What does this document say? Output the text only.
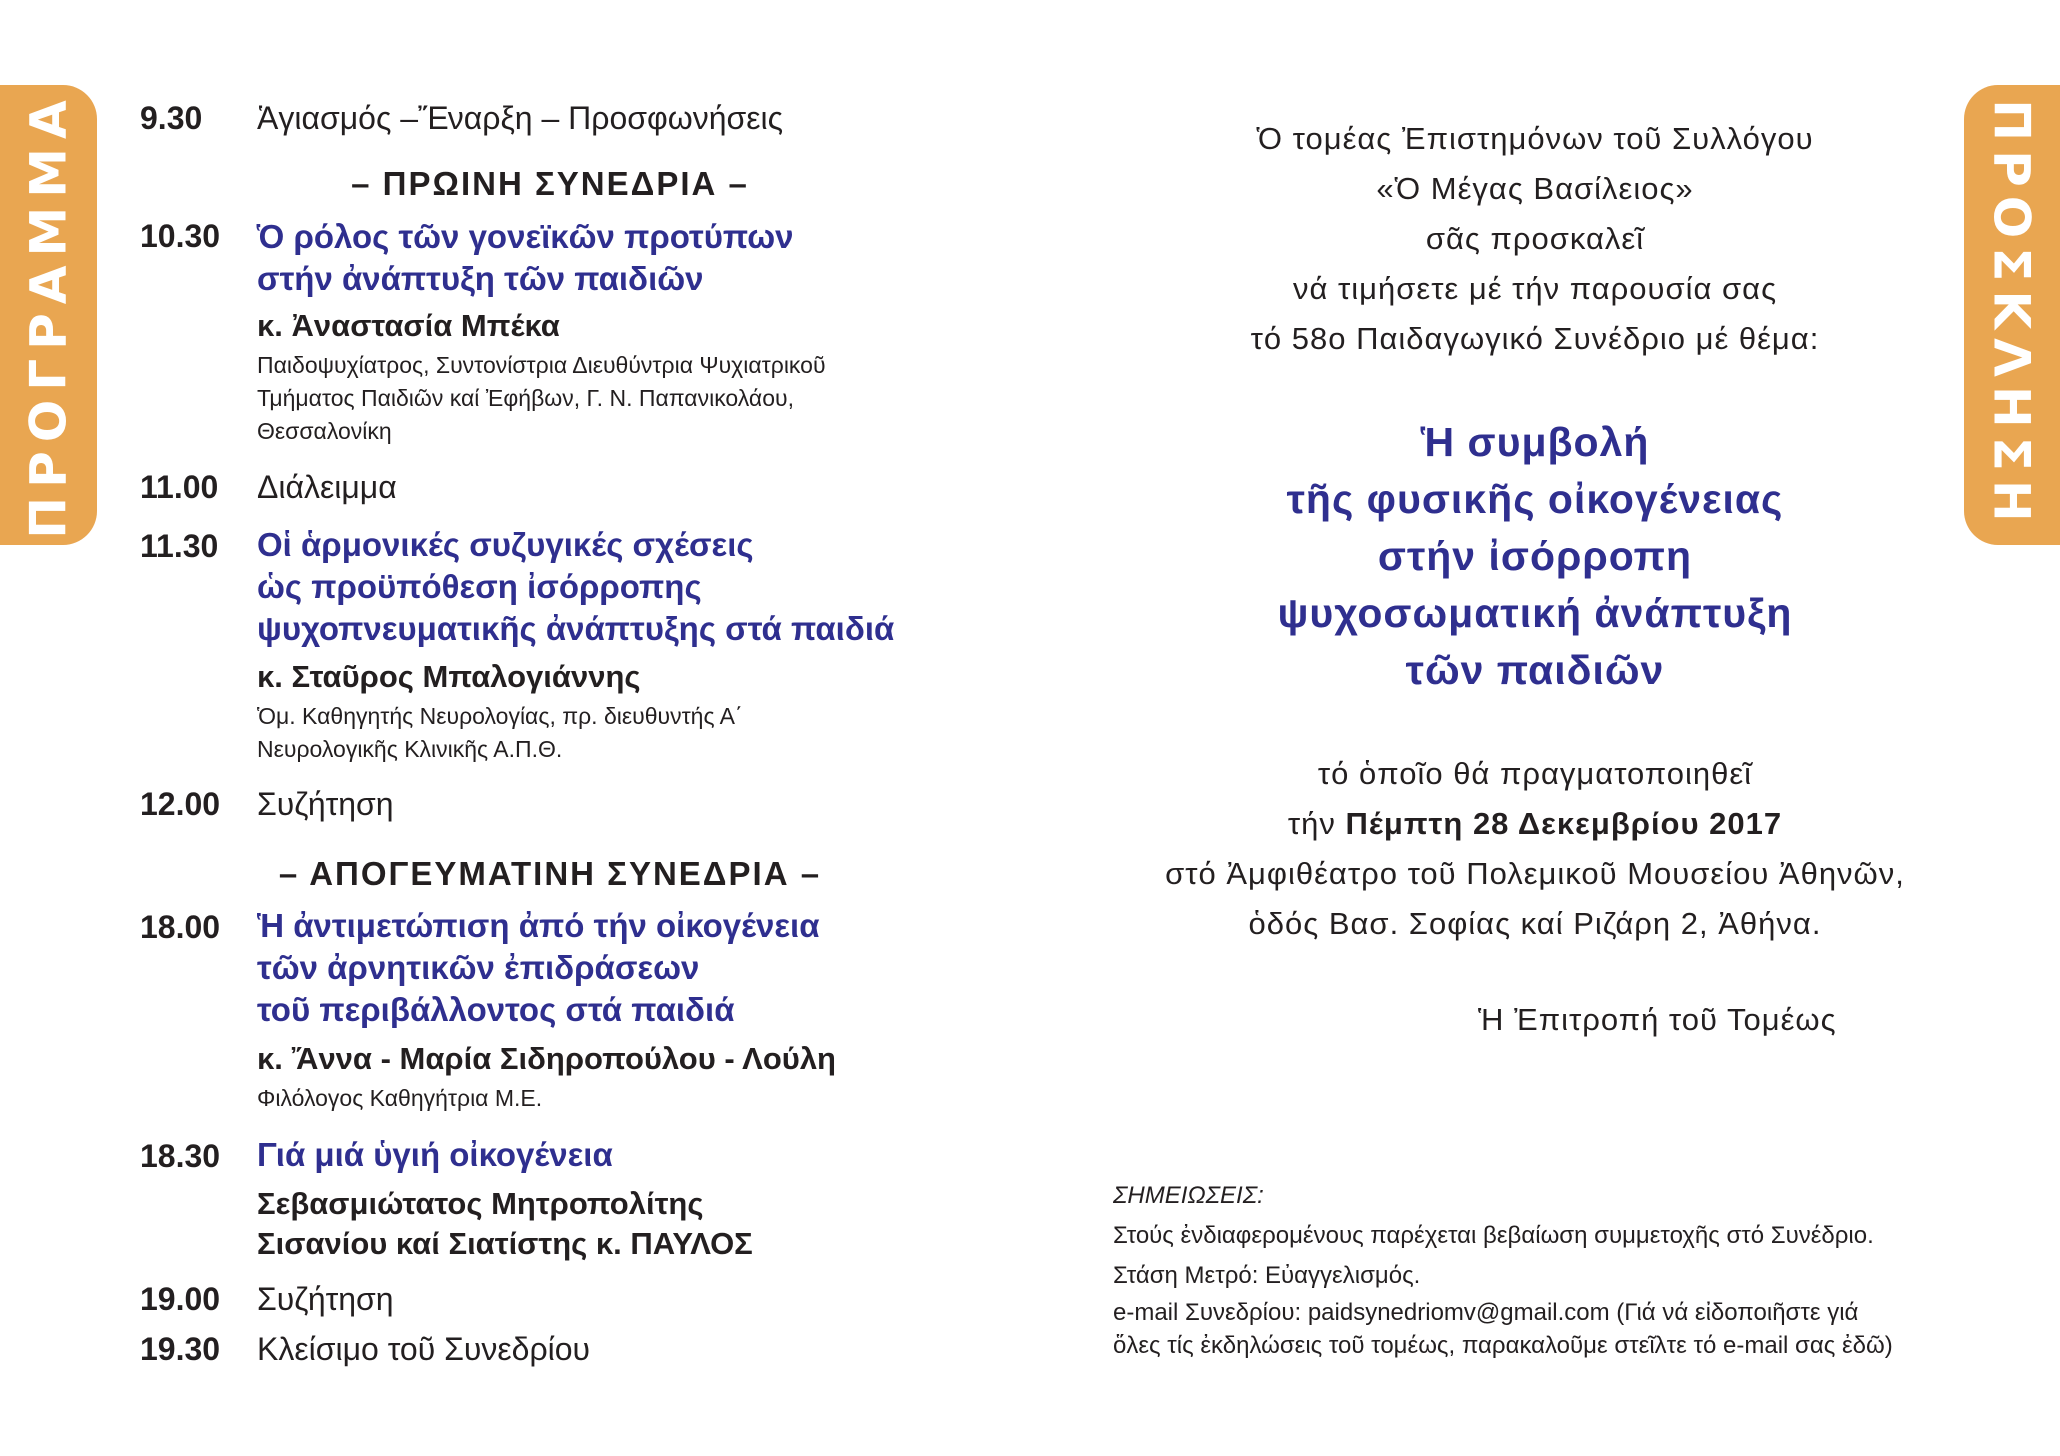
ΠΡΟΓΡΑΜΜΑ	ΠΡΟΣΚΛΗΣΗ
9.30 Ἁγιασμός –Ἔναρξη – Προσφωνήσεις
– ΠΡΩΙΝΗ ΣΥΝΕΔΡΙΑ –
10.30 Ὁ ρόλος τῶν γονεϊκῶν προτύπων
στήν ἀνάπτυξη τῶν παιδιῶν
κ. Ἀναστασία Μπέκα
Παιδοψυχίατρος, Συντονίστρια Διευθύντρια Ψυχιατρικοῦ
Τμήματος Παιδιῶν καί Ἐφήβων, Γ. Ν. Παπανικολάου,
Θεσσαλονίκη
11.00 Διάλειμμα
11.30 Οἱ ἁρμονικές συζυγικές σχέσεις
ὡς προϋπόθεση ἰσόρροπης
ψυχοπνευματικῆς ἀνάπτυξης στά παιδιά
κ. Σταῦρος Μπαλογιάννης
Ὁμ. Καθηγητής Νευρολογίας, πρ. διευθυντής Α΄
Νευρολογικῆς Κλινικῆς Α.Π.Θ.
12.00 Συζήτηση
– ΑΠΟΓΕΥΜΑΤΙΝΗ ΣΥΝΕΔΡΙΑ –
18.00 Ἡ ἀντιμετώπιση ἀπό τήν οἰκογένεια
τῶν ἀρνητικῶν ἐπιδράσεων
τοῦ περιβάλλοντος στά παιδιά
κ. Ἄννα - Μαρία Σιδηροπούλου - Λούλη
Φιλόλογος Καθηγήτρια Μ.Ε.
18.30 Γιά μιά ὑγιή οἰκογένεια
Σεβασμιώτατος Μητροπολίτης
Σισανίου καί Σιατίστης κ. ΠΑΥΛΟΣ
19.00 Συζήτηση
19.30 Κλείσιμο τοῦ Συνεδρίου
Ὁ τομέας Ἐπιστημόνων τοῦ Συλλόγου
«Ὁ Μέγας Βασίλειος»
σᾶς προσκαλεῖ
νά τιμήσετε μέ τήν παρουσία σας
τό 58ο Παιδαγωγικό Συνέδριο μέ θέμα:
Ἡ συμβολή
τῆς φυσικῆς οἰκογένειας
στήν ἰσόρροπη
ψυχοσωματική ἀνάπτυξη
τῶν παιδιῶν
τό ὁποῖο θά πραγματοποιηθεῖ
τήν Πέμπτη 28 Δεκεμβρίου 2017
στό Ἀμφιθέατρο τοῦ Πολεμικοῦ Μουσείου Ἀθηνῶν,
ὁδός Βασ. Σοφίας καί Ριζάρη 2, Ἀθήνα.
Ἡ Ἐπιτροπή τοῦ Τομέως
ΣΗΜΕΙΩΣΕΙΣ:
Στούς ἐνδιαφερομένους παρέχεται βεβαίωση συμμετοχῆς στό Συνέδριο.
Στάση Μετρό: Εὐαγγελισμός.
e-mail Συνεδρίου: paidsynedriomv@gmail.com (Γιά νά εἰδοποιῆστε γιά
ὅλες τίς ἐκδηλώσεις τοῦ τομέως, παρακαλοῦμε στεῖλτε τό e-mail σας ἐδῶ)
